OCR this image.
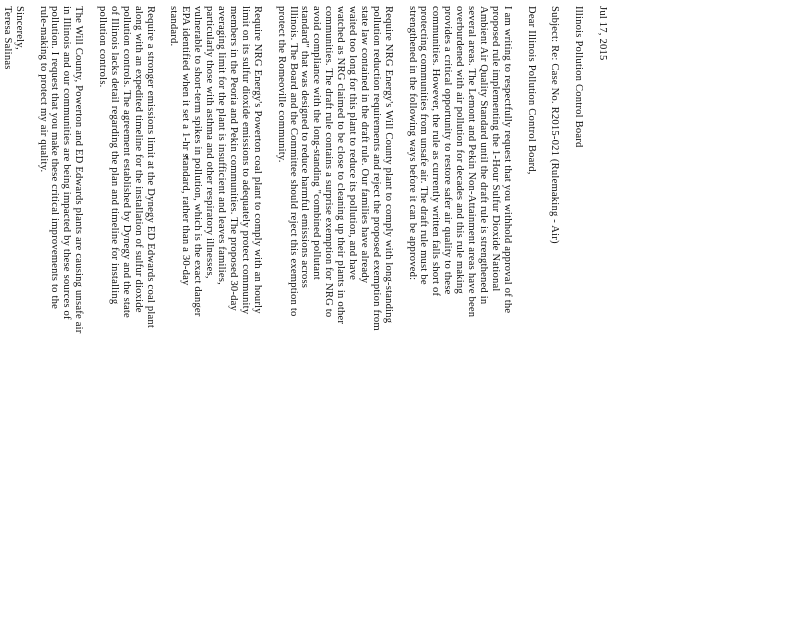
Jul 17, 2015
Illinois Pollution Control Board
Subject: Re: Case No. R2015-021 (Rulemaking - Air)
Dear Illinois Pollution Control Board,
I am writing to respectfully request that you withhold approval of the
proposed rule implementing the 1-Hour Sulfur Dioxide National
Ambient Air Quality Standard until the draft rule is strengthened in
several areas. The Lemont and Pekin Non-Attainment areas have been
overburdened with air pollution for decades and this rule making
provides a critical opportunity to restore safer air quality to these
communities. However, the rule as currently written falls short of
protecting communities from unsafe air. The draft rule must be
strengthened in the following ways before it can be approved:
Require NRG Energy's Will County plant to comply with long-standing
pollution reduction requirements and reject the proposed exemption from
state law contained in the draft rule. Our families have already
waited too long for this plant to reduce its pollution, and have
watched as NRG claimed to be close to cleaning up their plants in other
communities. The draft rule contains a surprise exemption for NRG to
avoid compliance with the long-standing "combined pollutant
standard" that was designed to reduce harmful emissions across
Illinois. The Board and the Committee should reject this exemption to
protect the Romeoville community.
Require NRG Energy's Powerton coal plant to comply with an hourly
limit on its sulfur dioxide emissions to adequately protect community
members in the Peoria and Pekin communities. The proposed 30-day
averaging limit for the plant is insufficient and leaves families,
particularly those with asthma and other respiratory illnesses,
vulnerable to short-term spikes in pollution, which is the exact danger
EPA identified when it set a 1-hr standard, rather than a 30-day
standard.
Require a stronger emissions limit at the Dynegy ED Edwards coal plant
along with an expedited timeline for the installation of sulfur dioxide
pollution controls. The agreement established by Dynegy and the state
of Illinois lacks detail regarding the plan and timeline for installing
pollution controls.
The Will County, Powerton and ED Edwards plants are causing unsafe air
in Illinois and our communities are being impacted by these sources of
pollution. I request that you make these critical improvements to the
rule-making to protect my air quality.
Sincerely,
Teresa Salinas
